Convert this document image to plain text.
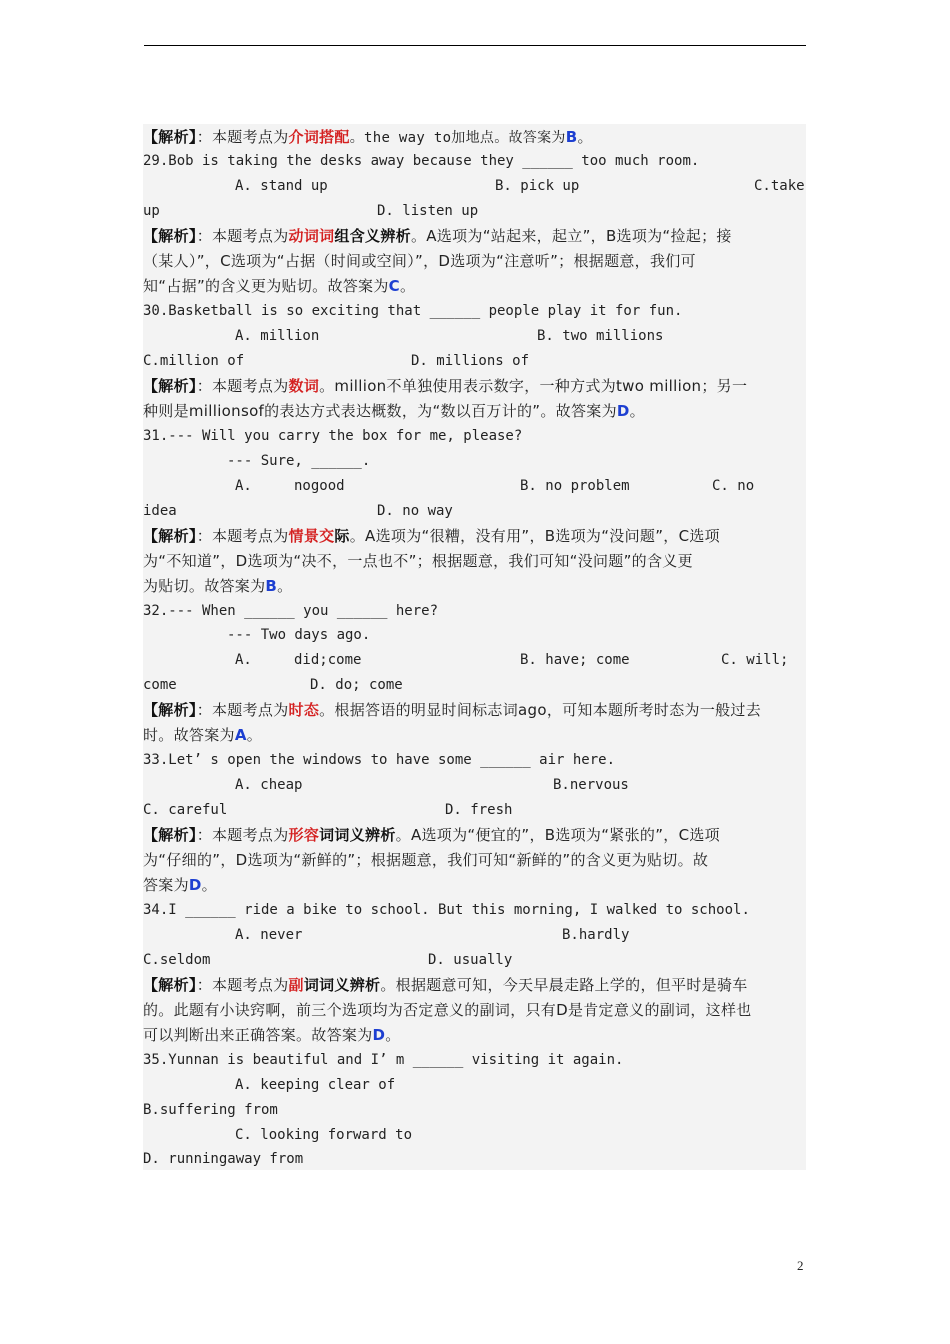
【解析】：本题考点为介词搭配。the way to加地点。故答案为B。
29.Bob is taking the desks away because they ______ too much room.

A. stand up

	B. pick up

	C.take

up

	D. listen up

【解析】：本题考点为动词词组含义辨析。A选项为“站起来，起立”，B选项为“捡起；接
（某人）”，C选项为“占据（时间或空间）”，D选项为“注意听”；根据题意，我们可
知“占据”的含义更为贴切。故答案为C。
30.Basketball is so exciting that ______ people play it for fun.

A. million

	B. two millions

C.million of

	D. millions of

【解析】：本题考点为数词。million不单独使用表示数字，一种方式为two million；另一
种则是millionsof的表达方式表达概数，为“数以百万计的”。故答案为D。
31.--- Will you carry the box for me, please?

--- Sure, ______.

A.     nogood

	B. no problem

	C. no

idea

	D. no way

【解析】：本题考点为情景交际。A选项为“很糟，没有用”，B选项为“没问题”，C选项
为“不知道”，D选项为“决不，一点也不”；根据题意，我们可知“没问题”的含义更
为贴切。故答案为B。
32.--- When ______ you ______ here?

--- Two days ago.

A.     did;come

	B. have; come

	C. will;

come

	D. do; come

【解析】：本题考点为时态。根据答语的明显时间标志词ago，可知本题所考时态为一般过去
时。故答案为A。
33.Let’ s open the windows to have some ______ air here.

A. cheap

	B.nervous

C. careful

	D. fresh

【解析】：本题考点为形容词词义辨析。A选项为“便宜的”，B选项为“紧张的”，C选项
为“仔细的”，D选项为“新鲜的”；根据题意，我们可知“新鲜的”的含义更为贴切。故
答案为D。
34.I ______ ride a bike to school. But this morning, I walked to school.

A. never

	B.hardly

C.seldom

	D. usually

【解析】：本题考点为副词词义辨析。根据题意可知，今天早晨走路上学的，但平时是骑车
的。此题有小诀窍啊，前三个选项均为否定意义的副词，只有D是肯定意义的副词，这样也
可以判断出来正确答案。故答案为D。
35.Yunnan is beautiful and I’ m ______ visiting it again.

A. keeping clear of

B.suffering from

C. looking forward to

D. runningaway from
2
